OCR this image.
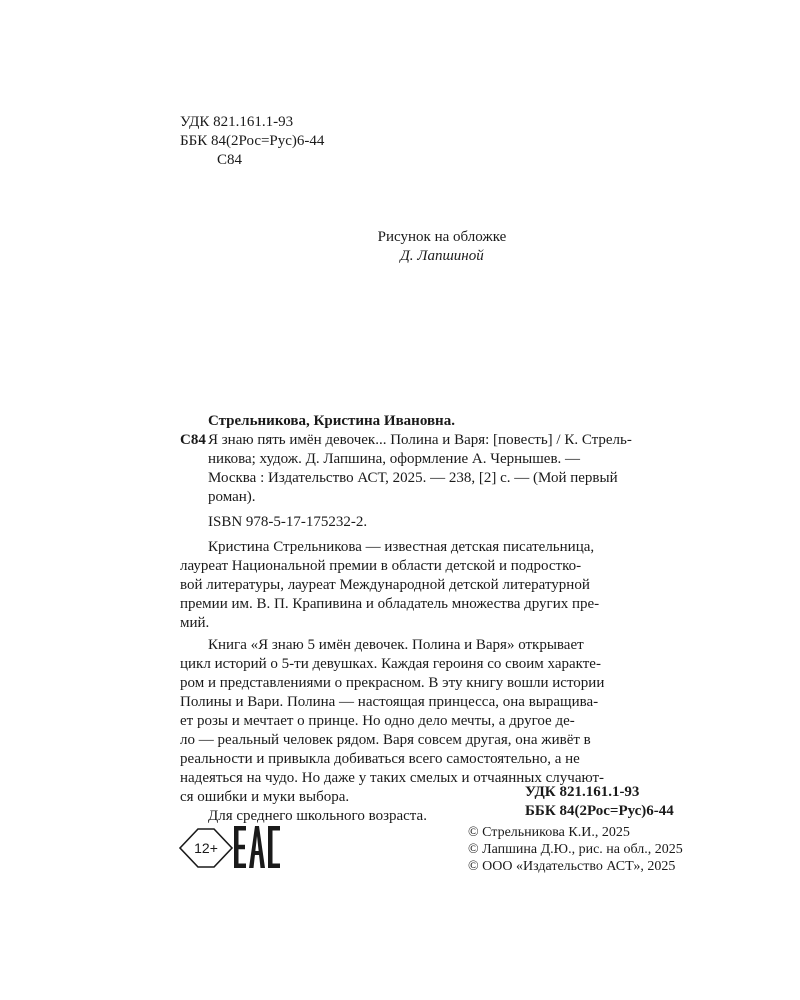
УДК 821.161.1-93
ББК 84(2Рос=Рус)6-44
С84
Рисунок на обложке
Д. Лапшиной
Стрельникова, Кристина Ивановна.
С84 Я знаю пять имён девочек... Полина и Варя: [повесть] / К. Стрель-
никова; худож. Д. Лапшина, оформление А. Чернышев. —
Москва : Издательство АСТ, 2025. — 238, [2] с. — (Мой первый
роман).
ISBN 978-5-17-175232-2.
Кристина Стрельникова — известная детская писательница,
лауреат Национальной премии в области детской и подростко-
вой литературы, лауреат Международной детской литературной
премии им. В. П. Крапивина и обладатель множества других пре-
мий.
Книга «Я знаю 5 имён девочек. Полина и Варя» открывает
цикл историй о 5-ти девушках. Каждая героиня со своим характе-
ром и представлениями о прекрасном. В эту книгу вошли истории
Полины и Вари. Полина — настоящая принцесса, она выращива-
ет розы и мечтает о принце. Но одно дело мечты, а другое де-
ло — реальный человек рядом. Варя совсем другая, она живёт в
реальности и привыкла добиваться всего самостоятельно, а не
надеяться на чудо. Но даже у таких смелых и отчаянных случают-
ся ошибки и муки выбора.
Для среднего школьного возраста.
УДК 821.161.1-93
ББК 84(2Рос=Рус)6-44
12+
© Стрельникова К.И., 2025
© Лапшина Д.Ю., рис. на обл., 2025
© ООО «Издательство АСТ», 2025
